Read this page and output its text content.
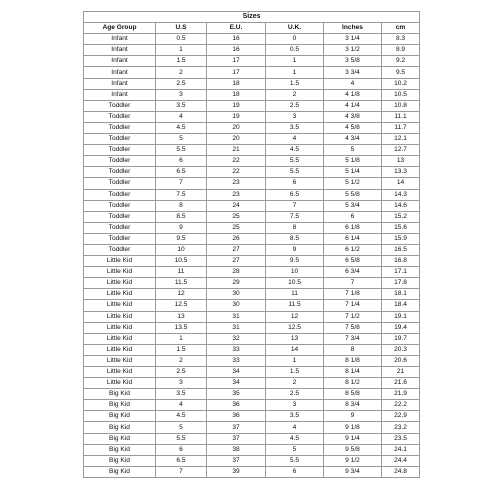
Sizes					
Age Group	U.S	E.U.	U.K.	Inches	cm
Infant	0.5	16	0	3 1/4	8.3
Infant	1	16	0.5	3 1/2	8.9
Infant	1.5	17	1	3 5/8	9.2
Infant	2	17	1	3 3/4	9.5
Infant	2.5	18	1.5	4	10.2
Infant	3	18	2	4 1/8	10.5
Toddler	3.5	19	2.5	4 1/4	10.8
Toddler	4	19	3	4 3/8	11.1
Toddler	4.5	20	3.5	4 5/8	11.7
Toddler	5	20	4	4 3/4	12.1
Toddler	5.5	21	4.5	5	12.7
Toddler	6	22	5.5	5 1/8	13
Toddler	6.5	22	5.5	5 1/4	13.3
Toddler	7	23	6	5 1/2	14
Toddler	7.5	23	6.5	5 5/8	14.3
Toddler	8	24	7	5 3/4	14.6
Toddler	8.5	25	7.5	6	15.2
Toddler	9	25	8	6 1/8	15.6
Toddler	9.5	26	8.5	6 1/4	15.9
Toddler	10	27	9	6 1/2	16.5
Little Kid	10.5	27	9.5	6 5/8	16.8
Little Kid	11	28	10	6 3/4	17.1
Little Kid	11.5	29	10.5	7	17.8
Little Kid	12	30	11	7 1/8	18.1
Little Kid	12.5	30	11.5	7 1/4	18.4
Little Kid	13	31	12	7 1/2	19.1
Little Kid	13.5	31	12.5	7 5/8	19.4
Little Kid	1	32	13	7 3/4	19.7
Little Kid	1.5	33	14	8	20.3
Little Kid	2	33	1	8 1/8	20.6
Little Kid	2.5	34	1.5	8 1/4	21
Little Kid	3	34	2	8 1/2	21.6
Big Kid	3.5	35	2.5	8 5/8	21.9
Big Kid	4	36	3	8 3/4	22.2
Big Kid	4.5	36	3.5	9	22.9
Big Kid	5	37	4	9 1/8	23.2
Big Kid	5.5	37	4.5	9 1/4	23.5
Big Kid	6	38	5	9 5/8	24.1
Big Kid	6.5	37	5.5	9 1/2	24.4
Big Kid	7	39	6	9 3/4	24.8
